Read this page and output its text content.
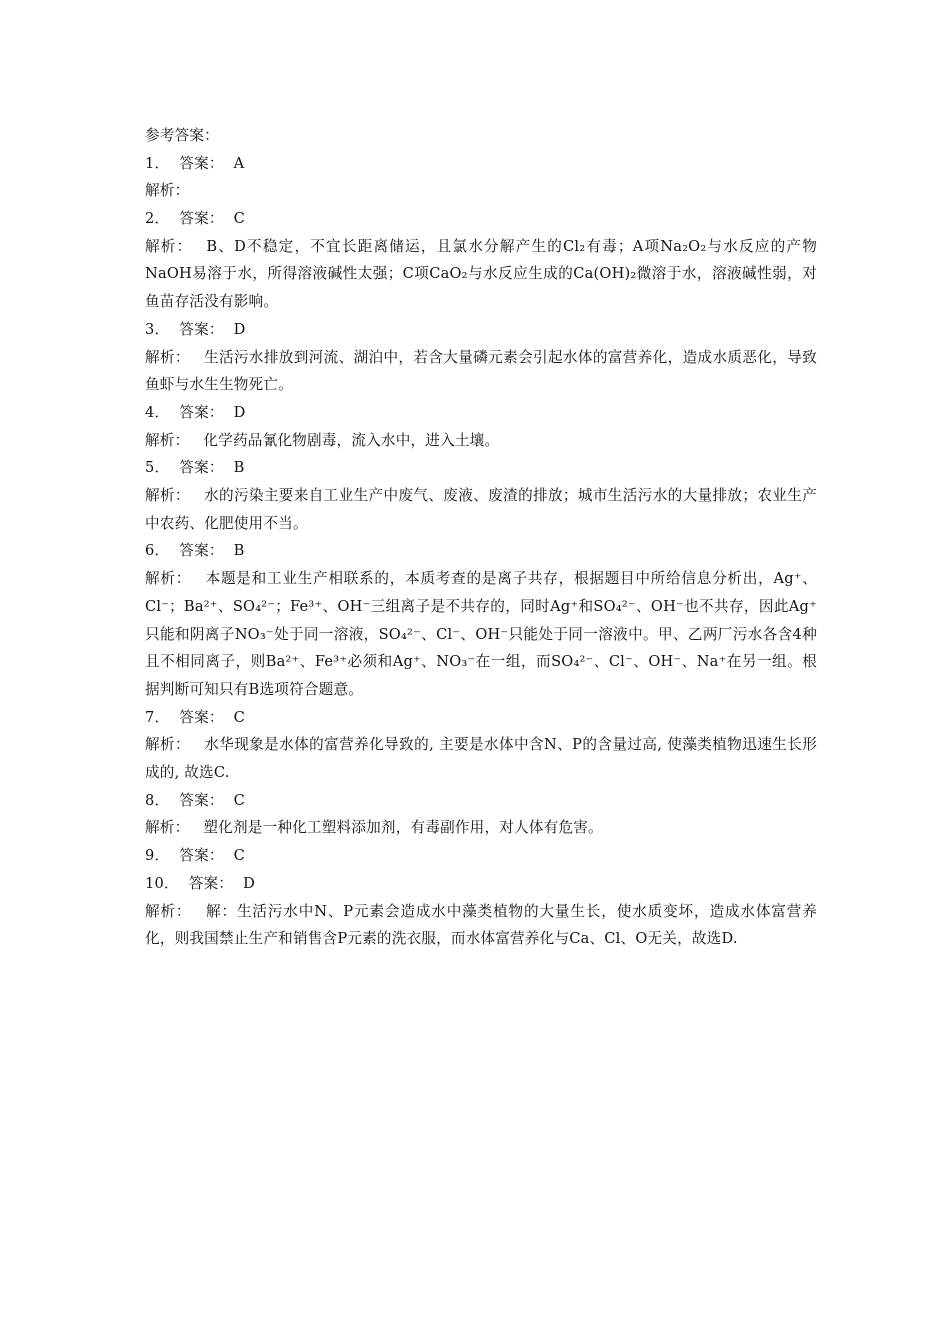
参考答案：
1． 答案： A
解析：
2． 答案： C
解析： B、D不稳定，不宜长距离储运，且氯水分解产生的Cl₂有毒；A项Na₂O₂与水反应的产物NaOH易溶于水，所得溶液碱性太强；C项CaO₂与水反应生成的Ca(OH)₂微溶于水，溶液碱性弱，对鱼苗存活没有影响。
3． 答案： D
解析： 生活污水排放到河流、湖泊中，若含大量磷元素会引起水体的富营养化，造成水质恶化，导致鱼虾与水生生物死亡。
4． 答案： D
解析： 化学药品氰化物剧毒，流入水中，进入土壤。
5． 答案： B
解析： 水的污染主要来自工业生产中废气、废液、废渣的排放；城市生活污水的大量排放；农业生产中农药、化肥使用不当。
6． 答案： B
解析： 本题是和工业生产相联系的，本质考查的是离子共存，根据题目中所给信息分析出，Ag⁺、Cl⁻；Ba²⁺、SO₄²⁻；Fe³⁺、OH⁻三组离子是不共存的，同时Ag⁺和SO₄²⁻、OH⁻也不共存，因此Ag⁺只能和阴离子NO₃⁻处于同一溶液，SO₄²⁻、Cl⁻、OH⁻只能处于同一溶液中。甲、乙两厂污水各含4种且不相同离子，则Ba²⁺、Fe³⁺必须和Ag⁺、NO₃⁻在一组，而SO₄²⁻、Cl⁻、OH⁻、Na⁺在另一组。根据判断可知只有B选项符合题意。
7． 答案： C
解析： 水华现象是水体的富营养化导致的, 主要是水体中含N、P的含量过高, 使藻类植物迅速生长形成的, 故选C.
8． 答案： C
解析： 塑化剂是一种化工塑料添加剂，有毒副作用，对人体有危害。
9． 答案： C
10． 答案： D
解析： 解：生活污水中N、P元素会造成水中藻类植物的大量生长，使水质变坏，造成水体富营养化，则我国禁止生产和销售含P元素的洗衣服，而水体富营养化与Ca、Cl、O无关，故选D.
